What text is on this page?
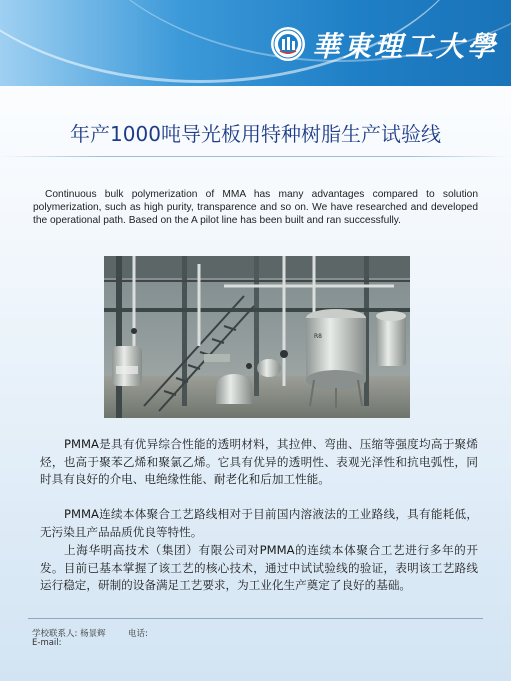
華東理工大學
年产1000吨导光板用特种树脂生产试验线

Continuous bulk polymerization of MMA has many advantages compared to solution polymerization, such as high purity, transparence and so on. We have researched and developed the operational path. Based on the A pilot line has been built and ran successfully.

R8

PMMA是具有优异综合性能的透明材料，其拉伸、弯曲、压缩等强度均高于聚烯烃，也高于聚苯乙烯和聚氯乙烯。它具有优异的透明性、表观光泽性和抗电弧性，同时具有良好的介电、电绝缘性能、耐老化和后加工性能。

PMMA连续本体聚合工艺路线相对于目前国内溶液法的工业路线，具有能耗低，无污染且产品品质优良等特性。

上海华明高技术（集团）有限公司对PMMA的连续本体聚合工艺进行多年的开发。目前已基本掌握了该工艺的核心技术，通过中试试验线的验证，表明该工艺路线运行稳定，研制的设备满足工艺要求，为工业化生产奠定了良好的基础。

学校联系人: 杨景辉	电话:
E-mail:
